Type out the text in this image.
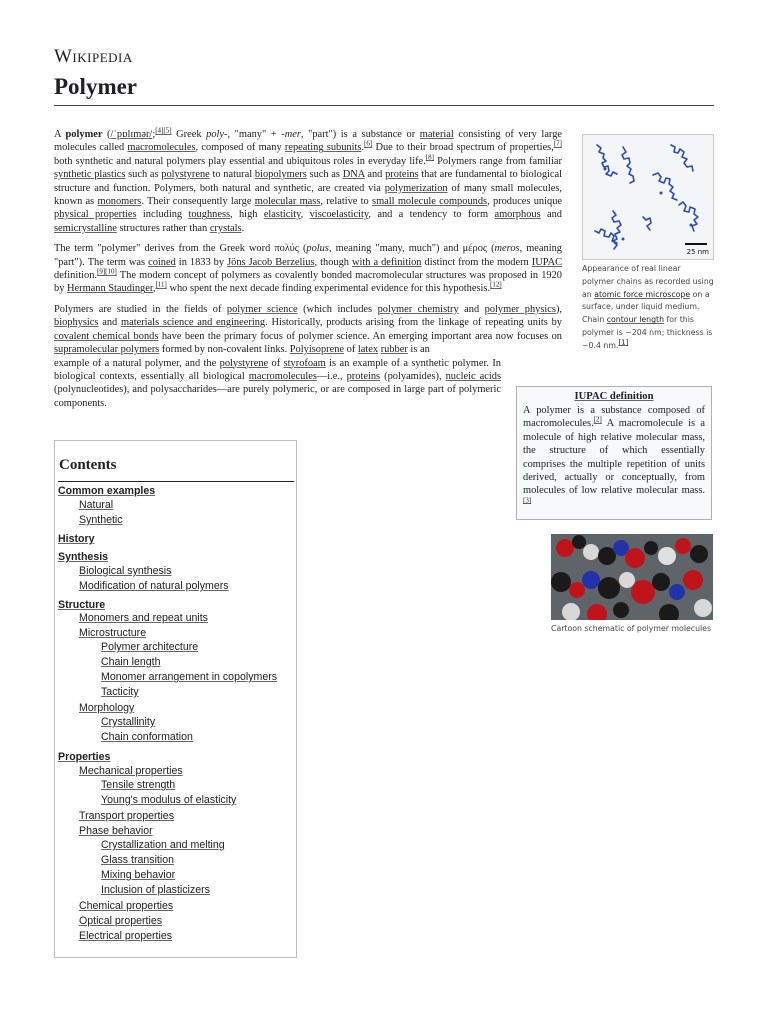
Wikipedia
Polymer

A polymer (/ˈpɒlɪmər/;[4][5] Greek poly-, "many" + -mer, "part") is a substance or material consisting of very large molecules called macromolecules, composed of many repeating subunits.[6] Due to their broad spectrum of properties,[7] both synthetic and natural polymers play essential and ubiquitous roles in everyday life.[8] Polymers range from familiar synthetic plastics such as polystyrene to natural biopolymers such as DNA and proteins that are fundamental to biological structure and function. Polymers, both natural and synthetic, are created via polymerization of many small molecules, known as monomers. Their consequently large molecular mass, relative to small molecule compounds, produces unique physical properties including toughness, high elasticity, viscoelasticity, and a tendency to form amorphous and semicrystalline structures rather than crystals.

The term "polymer" derives from the Greek word πολύς (polus, meaning "many, much") and μέρος (meros, meaning "part"). The term was coined in 1833 by Jöns Jacob Berzelius, though with a definition distinct from the modern IUPAC definition.[9][10] The modern concept of polymers as covalently bonded macromolecular structures was proposed in 1920 by Hermann Staudinger,[11] who spent the next decade finding experimental evidence for this hypothesis.[12]

Polymers are studied in the fields of polymer science (which includes polymer chemistry and polymer physics), biophysics and materials science and engineering. Historically, products arising from the linkage of repeating units by covalent chemical bonds have been the primary focus of polymer science. An emerging important area now focuses on supramolecular polymers formed by non-covalent links. Polyisoprene of latex rubber is an

example of a natural polymer, and the polystyrene of styrofoam is an example of a synthetic polymer. In biological contexts, essentially all biological macromolecules—i.e., proteins (polyamides), nucleic acids (polynucleotides), and polysaccharides—are purely polymeric, or are composed in large part of polymeric components.

25 nm
Appearance of real linear polymer chains as recorded using an atomic force microscope on a surface, under liquid medium. Chain contour length for this polymer is ~204 nm; thickness is ~0.4 nm.[1]
IUPAC definition
A polymer is a substance composed of macromolecules.[2] A macromolecule is a molecule of high relative molecular mass, the structure of which essentially comprises the multiple repetition of units derived, actually or conceptually, from molecules of low relative molecular mass.[3]
Cartoon schematic of polymer molecules
Contents
Common examples
Natural
Synthetic
History
Synthesis
Biological synthesis
Modification of natural polymers
Structure
Monomers and repeat units
Microstructure
Polymer architecture
Chain length
Monomer arrangement in copolymers
Tacticity
Morphology
Crystallinity
Chain conformation
Properties
Mechanical properties
Tensile strength
Young's modulus of elasticity
Transport properties
Phase behavior
Crystallization and melting
Glass transition
Mixing behavior
Inclusion of plasticizers
Chemical properties
Optical properties
Electrical properties
